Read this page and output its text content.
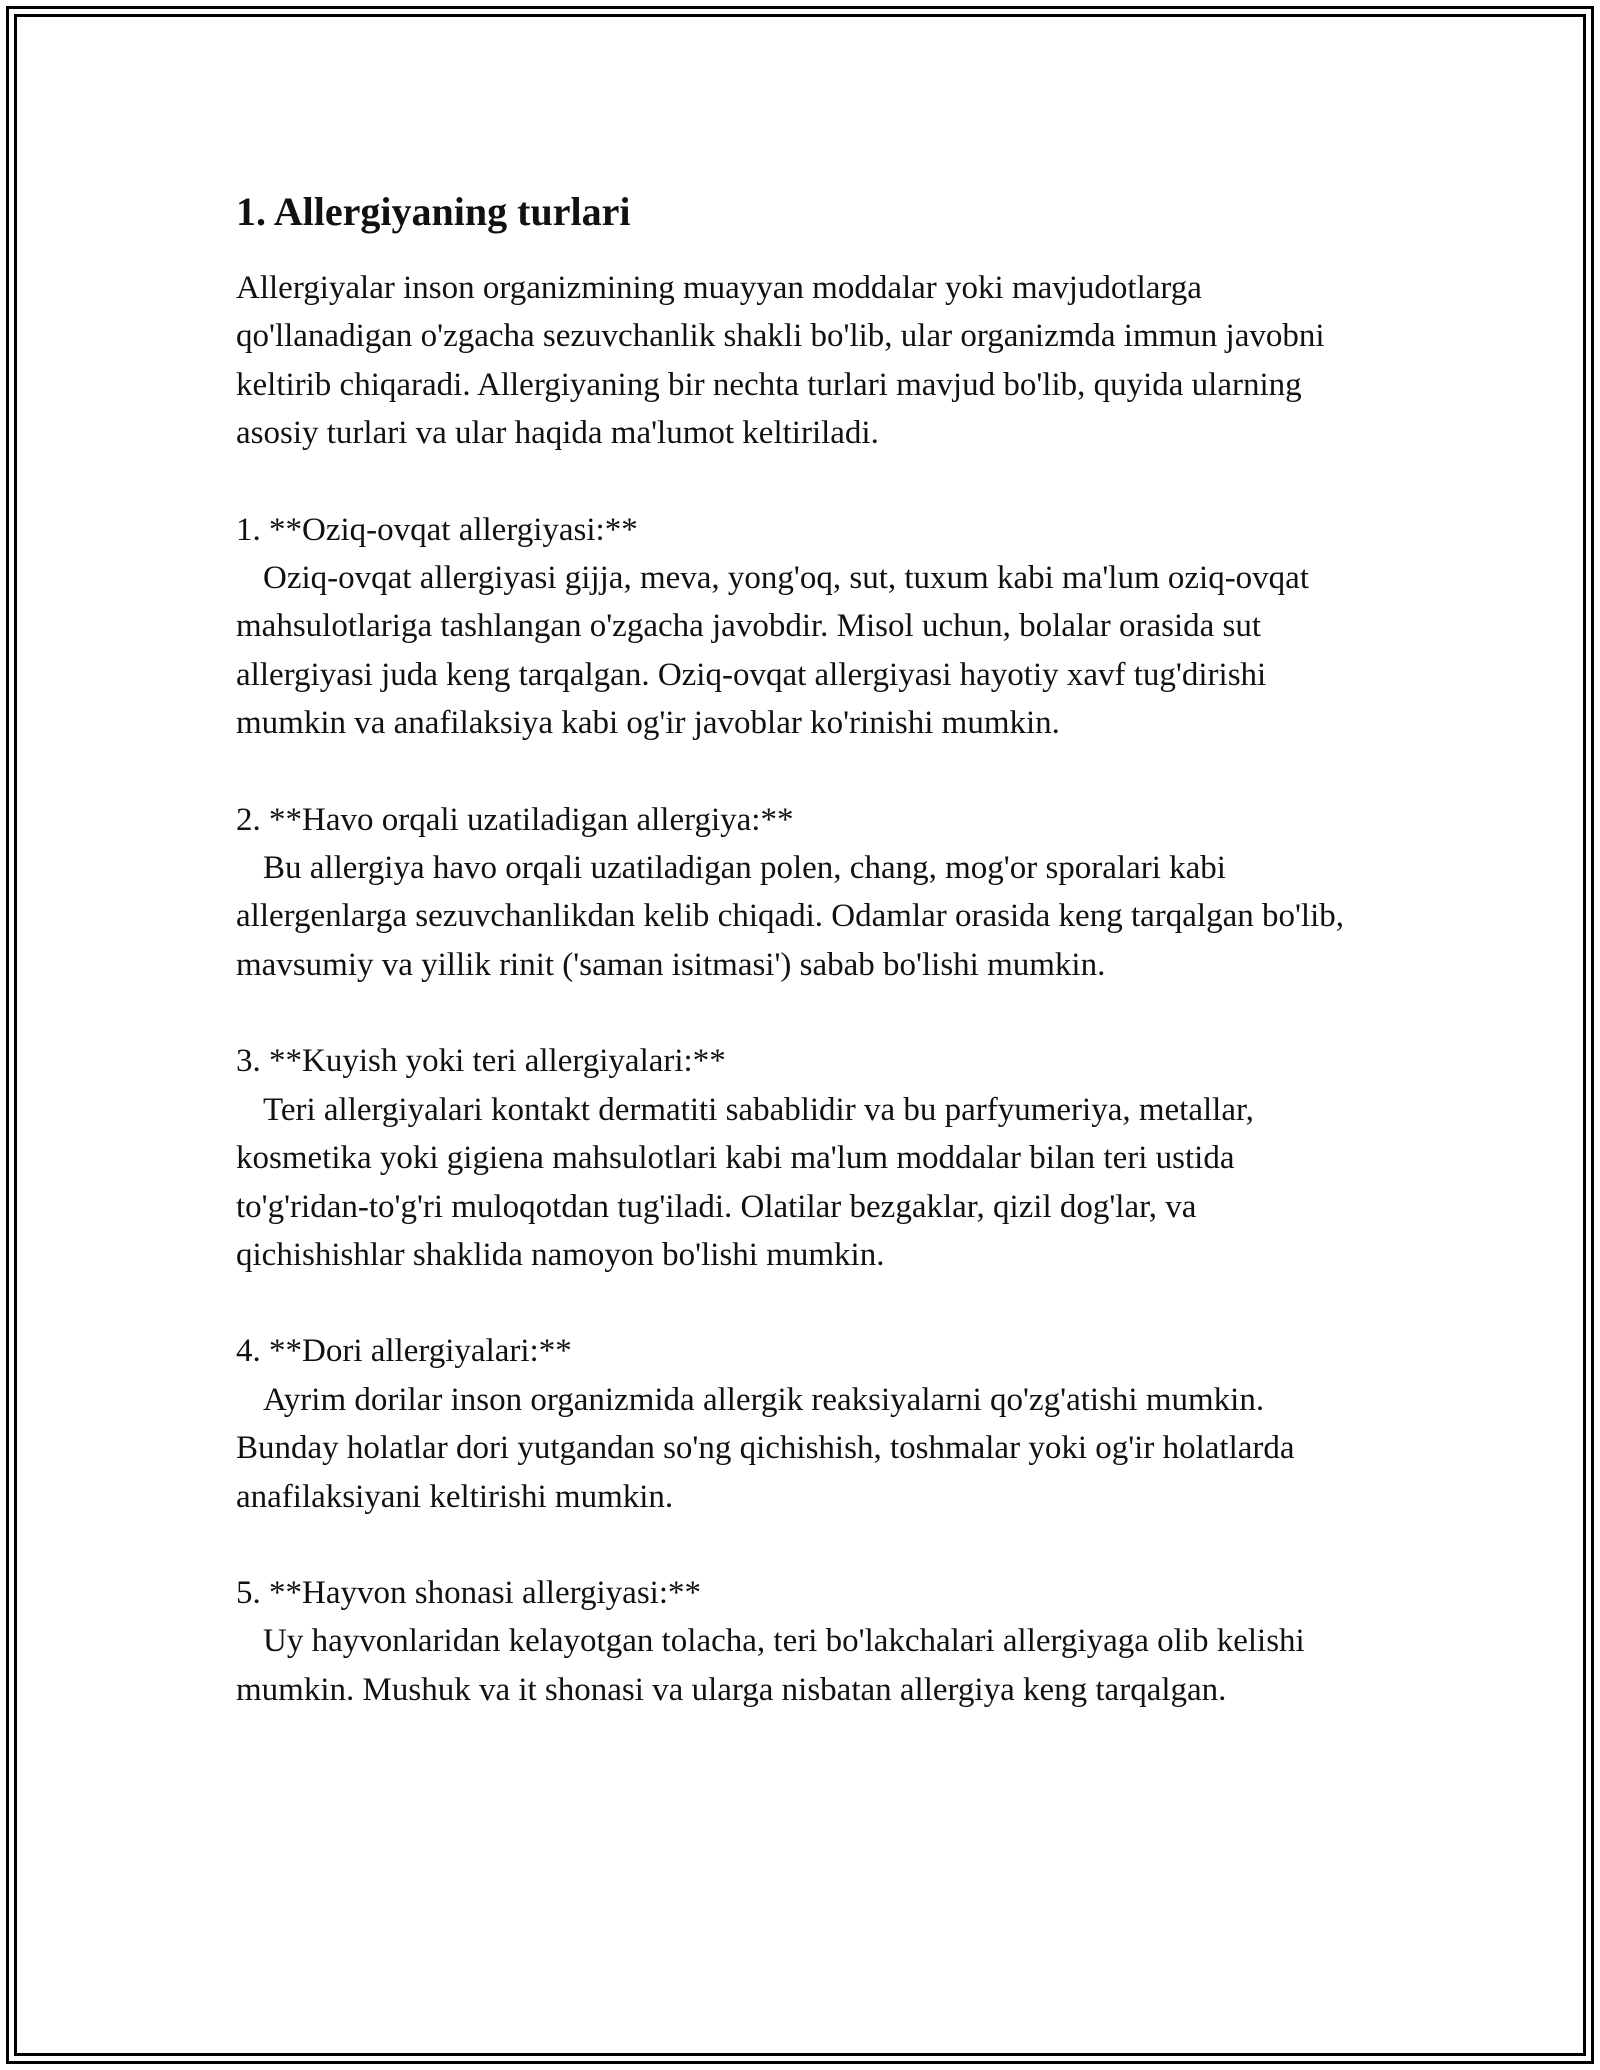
1. Allergiyaning turlari

Allergiyalar inson organizmining muayyan moddalar yoki mavjudotlarga qo'llanadigan o'zgacha sezuvchanlik shakli bo'lib, ular organizmda immun javobni keltirib chiqaradi. Allergiyaning bir nechta turlari mavjud bo'lib, quyida ularning asosiy turlari va ular haqida ma'lumot keltiriladi.

1. **Oziq-ovqat allergiyasi:**
Oziq-ovqat allergiyasi gijja, meva, yong'oq, sut, tuxum kabi ma'lum oziq-ovqat mahsulotlariga tashlangan o'zgacha javobdir. Misol uchun, bolalar orasida sut allergiyasi juda keng tarqalgan. Oziq-ovqat allergiyasi hayotiy xavf tug'dirishi mumkin va anafilaksiya kabi og'ir javoblar ko'rinishi mumkin.
2. **Havo orqali uzatiladigan allergiya:**
Bu allergiya havo orqali uzatiladigan polen, chang, mog'or sporalari kabi allergenlarga sezuvchanlikdan kelib chiqadi. Odamlar orasida keng tarqalgan bo'lib, mavsumiy va yillik rinit ('saman isitmasi') sabab bo'lishi mumkin.
3. **Kuyish yoki teri allergiyalari:**
Teri allergiyalari kontakt dermatiti sabablidir va bu parfyumeriya, metallar, kosmetika yoki gigiena mahsulotlari kabi ma'lum moddalar bilan teri ustida to'g'ridan-to'g'ri muloqotdan tug'iladi. Olatilar bezgaklar, qizil dog'lar, va qichishishlar shaklida namoyon bo'lishi mumkin.
4. **Dori allergiyalari:**
Ayrim dorilar inson organizmida allergik reaksiyalarni qo'zg'atishi mumkin. Bunday holatlar dori yutgandan so'ng qichishish, toshmalar yoki og'ir holatlarda anafilaksiyani keltirishi mumkin.
5. **Hayvon shonasi allergiyasi:**
Uy hayvonlaridan kelayotgan tolacha, teri bo'lakchalari allergiyaga olib kelishi mumkin. Mushuk va it shonasi va ularga nisbatan allergiya keng tarqalgan.
